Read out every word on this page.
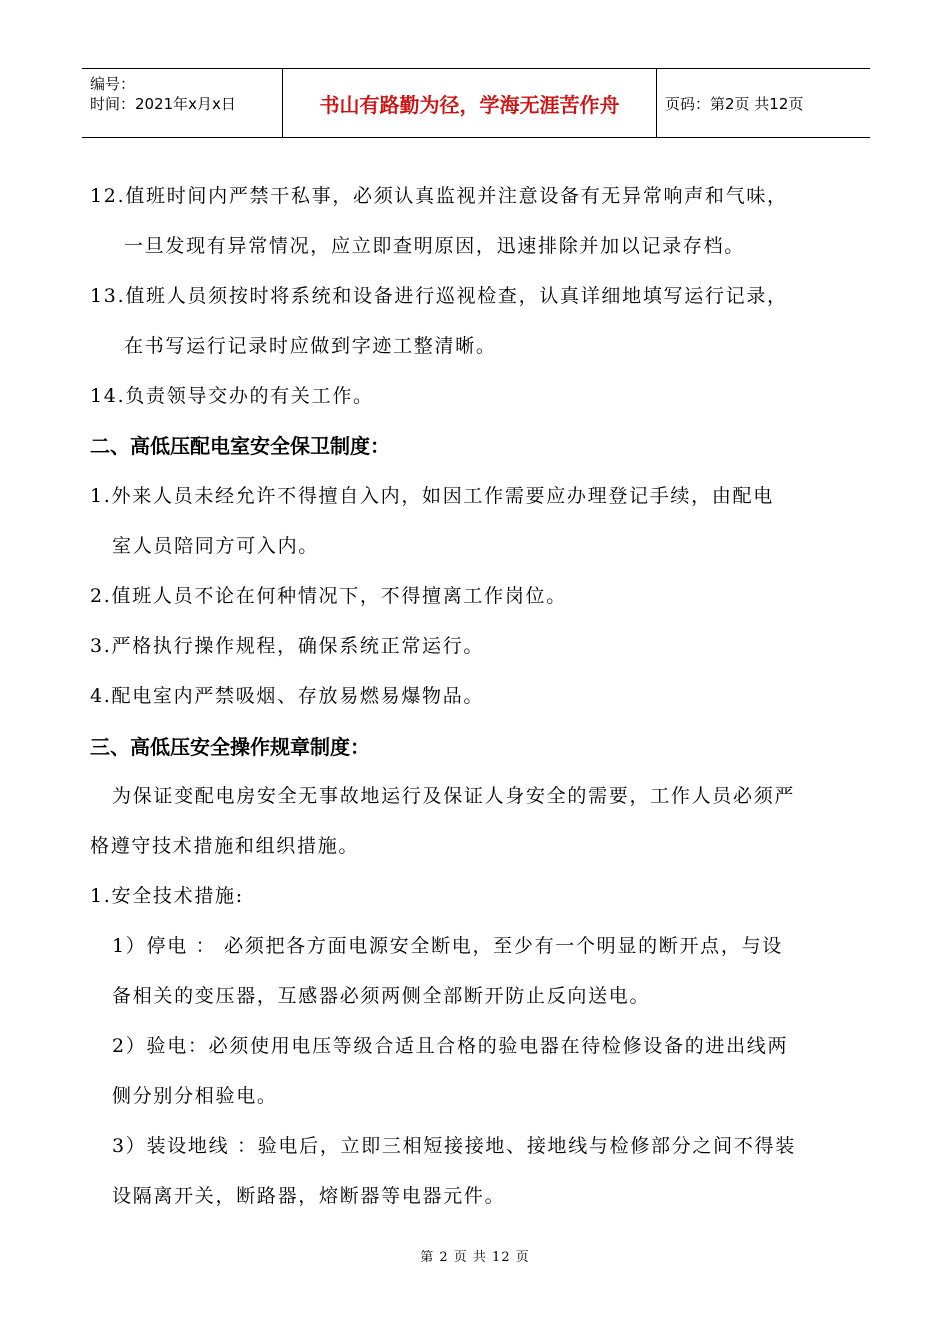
编号：
时间：2021年x月x日	书山有路勤为径，学海无涯苦作舟	页码：第2页 共12页
12.值班时间内严禁干私事，必须认真监视并注意设备有无异常响声和气味，
一旦发现有异常情况，应立即查明原因，迅速排除并加以记录存档。
13.值班人员须按时将系统和设备进行巡视检查，认真详细地填写运行记录，
在书写运行记录时应做到字迹工整清晰。
14.负责领导交办的有关工作。
二、高低压配电室安全保卫制度：
1.外来人员未经允许不得擅自入内，如因工作需要应办理登记手续，由配电
室人员陪同方可入内。
2.值班人员不论在何种情况下，不得擅离工作岗位。
3.严格执行操作规程，确保系统正常运行。
4.配电室内严禁吸烟、存放易燃易爆物品。
三、高低压安全操作规章制度：
为保证变配电房安全无事故地运行及保证人身安全的需要，工作人员必须严
格遵守技术措施和组织措施。
1.安全技术措施:
1）停电 ： 必须把各方面电源安全断电，至少有一个明显的断开点，与设
备相关的变压器，互感器必须两侧全部断开防止反向送电。
2）验电：必须使用电压等级合适且合格的验电器在待检修设备的进出线两
侧分别分相验电。
3）装设地线 ：验电后，立即三相短接接地、接地线与检修部分之间不得装
设隔离开关，断路器，熔断器等电器元件。
第 2 页 共 12 页
